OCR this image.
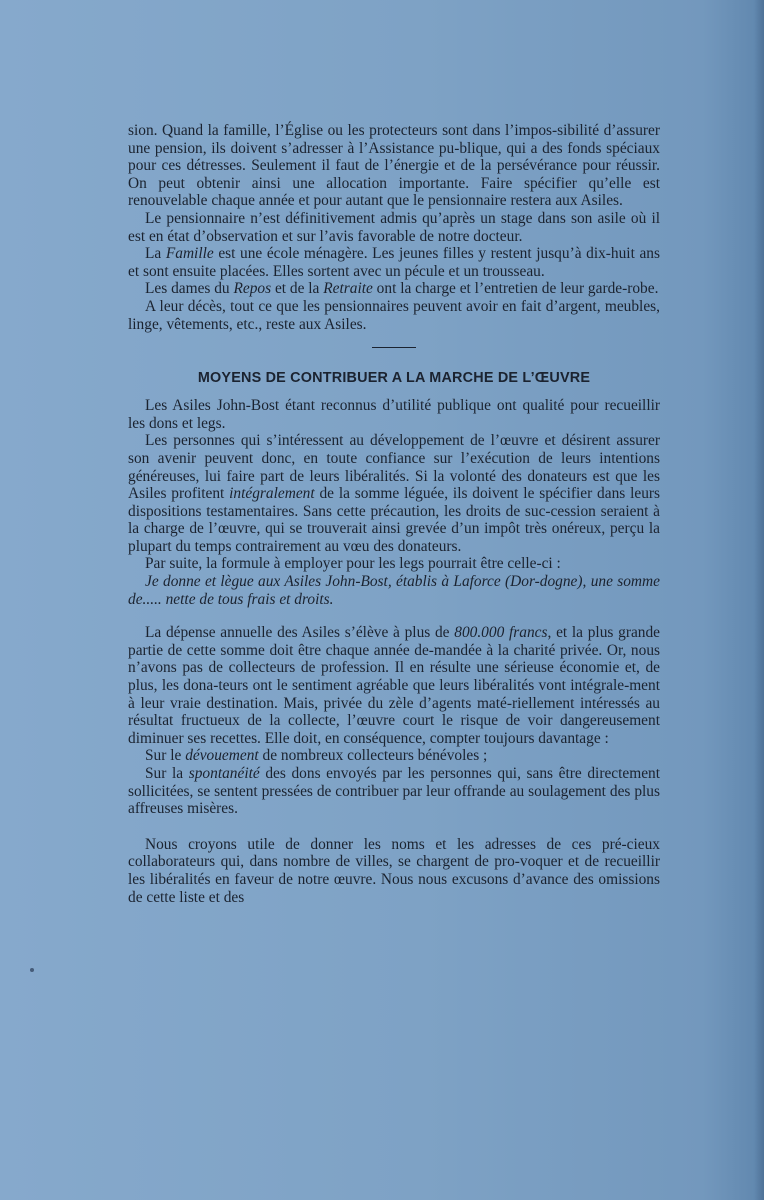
sion. Quand la famille, l’Église ou les protecteurs sont dans l’impos-sibilité d’assurer une pension, ils doivent s’adresser à l’Assistance pu-blique, qui a des fonds spéciaux pour ces détresses. Seulement il faut de l’énergie et de la persévérance pour réussir. On peut obtenir ainsi une allocation importante. Faire spécifier qu’elle est renouvelable chaque année et pour autant que le pensionnaire restera aux Asiles.

Le pensionnaire n’est définitivement admis qu’après un stage dans son asile où il est en état d’observation et sur l’avis favorable de notre docteur.

La Famille est une école ménagère. Les jeunes filles y restent jusqu’à dix-huit ans et sont ensuite placées. Elles sortent avec un pécule et un trousseau.

Les dames du Repos et de la Retraite ont la charge et l’entretien de leur garde-robe.

A leur décès, tout ce que les pensionnaires peuvent avoir en fait d’argent, meubles, linge, vêtements, etc., reste aux Asiles.

MOYENS DE CONTRIBUER A LA MARCHE DE L’ŒUVRE

Les Asiles John-Bost étant reconnus d’utilité publique ont qualité pour recueillir les dons et legs.

Les personnes qui s’intéressent au développement de l’œuvre et désirent assurer son avenir peuvent donc, en toute confiance sur l’exécution de leurs intentions généreuses, lui faire part de leurs libéralités. Si la volonté des donateurs est que les Asiles profitent intégralement de la somme léguée, ils doivent le spécifier dans leurs dispositions testamentaires. Sans cette précaution, les droits de suc-cession seraient à la charge de l’œuvre, qui se trouverait ainsi grevée d’un impôt très onéreux, perçu la plupart du temps contrairement au vœu des donateurs.

Par suite, la formule à employer pour les legs pourrait être celle-ci :

Je donne et lègue aux Asiles John-Bost, établis à Laforce (Dor-dogne), une somme de..... nette de tous frais et droits.

La dépense annuelle des Asiles s’élève à plus de 800.000 francs, et la plus grande partie de cette somme doit être chaque année de-mandée à la charité privée. Or, nous n’avons pas de collecteurs de profession. Il en résulte une sérieuse économie et, de plus, les dona-teurs ont le sentiment agréable que leurs libéralités vont intégrale-ment à leur vraie destination. Mais, privée du zèle d’agents maté-riellement intéressés au résultat fructueux de la collecte, l’œuvre court le risque de voir dangereusement diminuer ses recettes. Elle doit, en conséquence, compter toujours davantage :

Sur le dévouement de nombreux collecteurs bénévoles ;

Sur la spontanéité des dons envoyés par les personnes qui, sans être directement sollicitées, se sentent pressées de contribuer par leur offrande au soulagement des plus affreuses misères.

Nous croyons utile de donner les noms et les adresses de ces pré-cieux collaborateurs qui, dans nombre de villes, se chargent de pro-voquer et de recueillir les libéralités en faveur de notre œuvre. Nous nous excusons d’avance des omissions de cette liste et des
